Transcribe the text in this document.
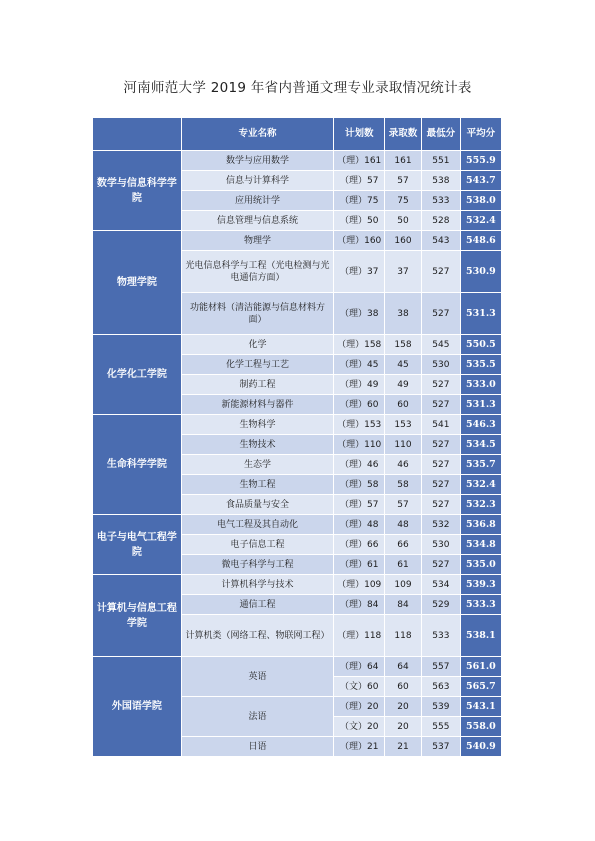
河南师范大学 2019 年省内普通文理专业录取情况统计表
	专业名称	计划数	录取数	最低分	平均分
数学与信息科学学院	数学与应用数学	（理）161	161	551	555.9
	信息与计算科学	（理）57	57	538	543.7
	应用统计学	（理）75	75	533	538.0
	信息管理与信息系统	（理）50	50	528	532.4
物理学院	物理学	（理）160	160	543	548.6
	光电信息科学与工程（光电检测与光电通信方面）	（理）37	37	527	530.9
	功能材料（清洁能源与信息材料方面）	（理）38	38	527	531.3
化学化工学院	化学	（理）158	158	545	550.5
	化学工程与工艺	（理）45	45	530	535.5
	制药工程	（理）49	49	527	533.0
	新能源材料与器件	（理）60	60	527	531.3
生命科学学院	生物科学	（理）153	153	541	546.3
	生物技术	（理）110	110	527	534.5
	生态学	（理）46	46	527	535.7
	生物工程	（理）58	58	527	532.4
	食品质量与安全	（理）57	57	527	532.3
电子与电气工程学院	电气工程及其自动化	（理）48	48	532	536.8
	电子信息工程	（理）66	66	530	534.8
	微电子科学与工程	（理）61	61	527	535.0
计算机与信息工程学院	计算机科学与技术	（理）109	109	534	539.3
	通信工程	（理）84	84	529	533.3
	计算机类（网络工程、物联网工程）	（理）118	118	533	538.1
外国语学院	英语	（理）64	64	557	561.0
		（文）60	60	563	565.7
	法语	（理）20	20	539	543.1
		（文）20	20	555	558.0
	日语	（理）21	21	537	540.9
